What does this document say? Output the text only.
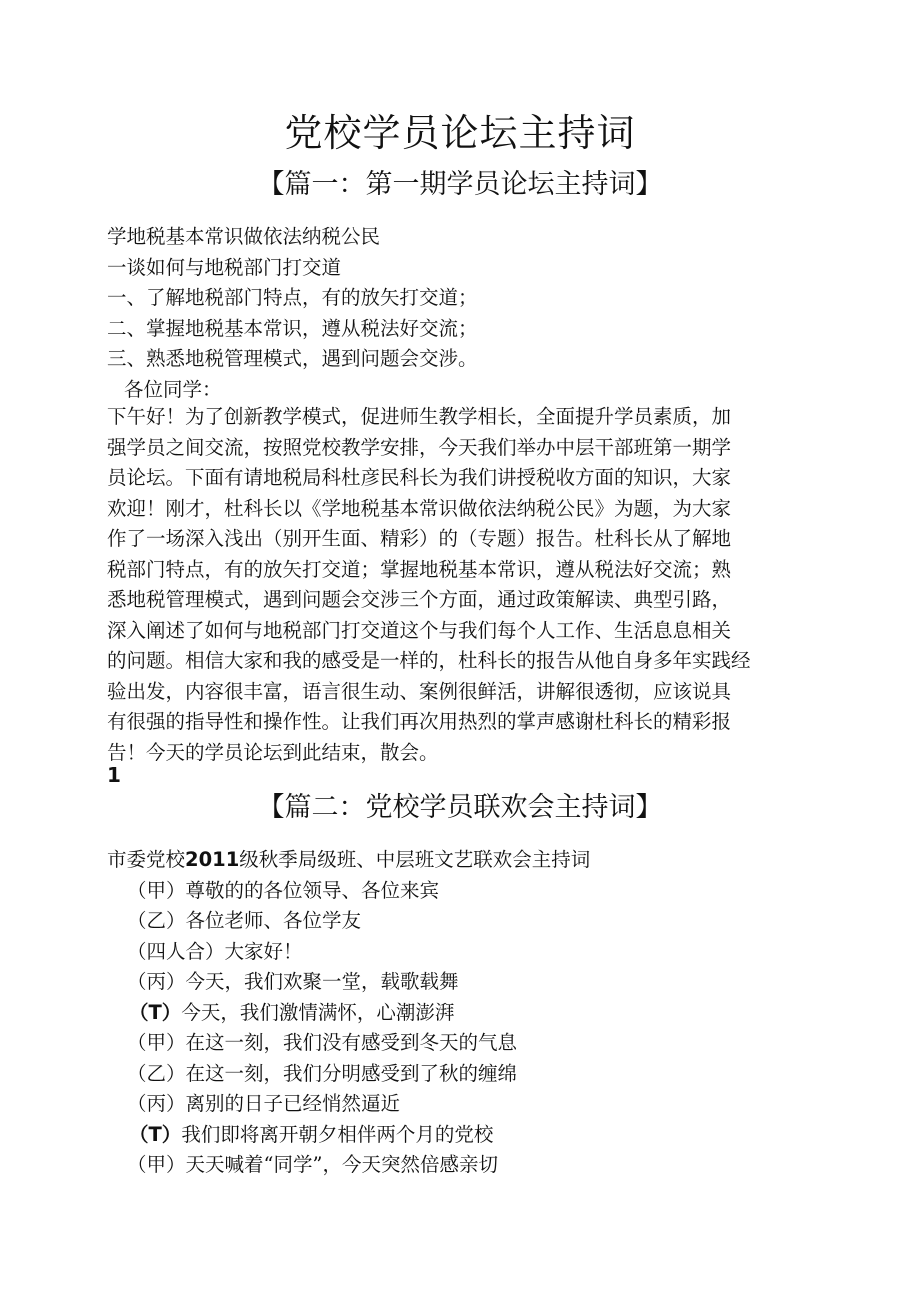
党校学员论坛主持词
【篇一：第一期学员论坛主持词】

学地税基本常识做依法纳税公民

一谈如何与地税部门打交道

一、了解地税部门特点，有的放矢打交道；

二、掌握地税基本常识，遵从税法好交流；

三、熟悉地税管理模式，遇到问题会交涉。

各位同学：

下午好！为了创新教学模式，促进师生教学相长，全面提升学员素质，加

强学员之间交流，按照党校教学安排，今天我们举办中层干部班第一期学

员论坛。下面有请地税局科杜彦民科长为我们讲授税收方面的知识，大家

欢迎！刚才，杜科长以《学地税基本常识做依法纳税公民》为题，为大家

作了一场深入浅出（别开生面、精彩）的（专题）报告。杜科长从了解地

税部门特点，有的放矢打交道；掌握地税基本常识，遵从税法好交流；熟

悉地税管理模式，遇到问题会交涉三个方面，通过政策解读、典型引路，

深入阐述了如何与地税部门打交道这个与我们每个人工作、生活息息相关

的问题。相信大家和我的感受是一样的，杜科长的报告从他自身多年实践经

验出发，内容很丰富，语言很生动、案例很鲜活，讲解很透彻，应该说具

有很强的指导性和操作性。让我们再次用热烈的掌声感谢杜科长的精彩报

告！今天的学员论坛到此结束，散会。

1
【篇二：党校学员联欢会主持词】

市委党校2011级秋季局级班、中层班文艺联欢会主持词

（甲）尊敬的的各位领导、各位来宾

（乙）各位老师、各位学友

（四人合）大家好！

（丙）今天，我们欢聚一堂，载歌载舞

（T）今天，我们激情满怀，心潮澎湃

（甲）在这一刻，我们没有感受到冬天的气息

（乙）在这一刻，我们分明感受到了秋的缠绵

（丙）离别的日子已经悄然逼近

（T）我们即将离开朝夕相伴两个月的党校

（甲）天天喊着“同学”，今天突然倍感亲切
